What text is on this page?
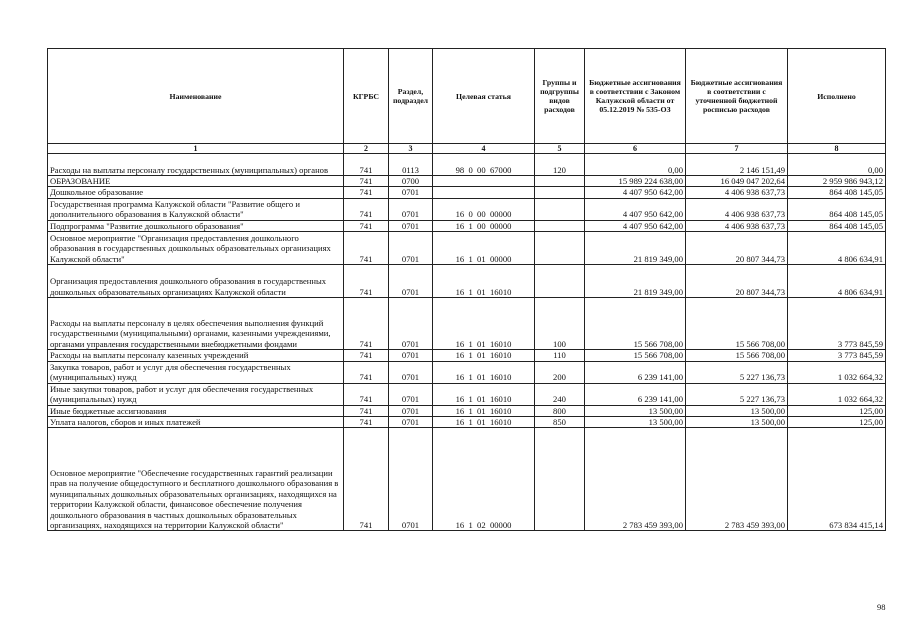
Наименование	КГРБС	Раздел, подраздел	Целевая статья	Группы и подгруппы видов расходов	Бюджетные ассигнования в соответствии с Законом Калужской области от 05.12.2019 № 535-ОЗ	Бюджетные ассигнования в соответствии с уточненной бюджетной росписью расходов	Исполнено
1	2	3	4	5	6	7	8
Расходы на выплаты персоналу государственных (муниципальных) органов	741	0113	98  0  00  67000	120	0,00	2 146 151,49	0,00
ОБРАЗОВАНИЕ	741	0700			15 989 224 638,00	16 049 047 202,64	2 959 986 943,12
Дошкольное образование	741	0701			4 407 950 642,00	4 406 938 637,73	864 408 145,05
Государственная программа Калужской области "Развитие общего и дополнительного образования в Калужской области"	741	0701	16  0  00  00000		4 407 950 642,00	4 406 938 637,73	864 408 145,05
Подпрограмма "Развитие дошкольного образования"	741	0701	16  1  00  00000		4 407 950 642,00	4 406 938 637,73	864 408 145,05
Основное мероприятие "Организация предоставления дошкольного образования в государственных дошкольных образовательных организациях Калужской области"	741	0701	16  1  01  00000		21 819 349,00	20 807 344,73	4 806 634,91
Организация предоставления дошкольного образования в государственных дошкольных образовательных организациях Калужской области	741	0701	16  1  01  16010		21 819 349,00	20 807 344,73	4 806 634,91
Расходы на выплаты персоналу в целях обеспечения выполнения функций государственными (муниципальными) органами, казенными учреждениями, органами управления государственными внебюджетными фондами	741	0701	16  1  01  16010	100	15 566 708,00	15 566 708,00	3 773 845,59
Расходы на выплаты персоналу казенных учреждений	741	0701	16  1  01  16010	110	15 566 708,00	15 566 708,00	3 773 845,59
Закупка товаров, работ и услуг для обеспечения государственных (муниципальных) нужд	741	0701	16  1  01  16010	200	6 239 141,00	5 227 136,73	1 032 664,32
Иные закупки товаров, работ и услуг для обеспечения государственных (муниципальных) нужд	741	0701	16  1  01  16010	240	6 239 141,00	5 227 136,73	1 032 664,32
Иные бюджетные ассигнования	741	0701	16  1  01  16010	800	13 500,00	13 500,00	125,00
Уплата налогов, сборов и иных платежей	741	0701	16  1  01  16010	850	13 500,00	13 500,00	125,00
Основное мероприятие "Обеспечение государственных гарантий реализации прав на получение общедоступного и бесплатного дошкольного образования в муниципальных дошкольных образовательных организациях, находящихся на территории Калужской области, финансовое обеспечение получения дошкольного образования в частных дошкольных образовательных организациях, находящихся на территории Калужской области"	741	0701	16  1  02  00000		2 783 459 393,00	2 783 459 393,00	673 834 415,14
98
